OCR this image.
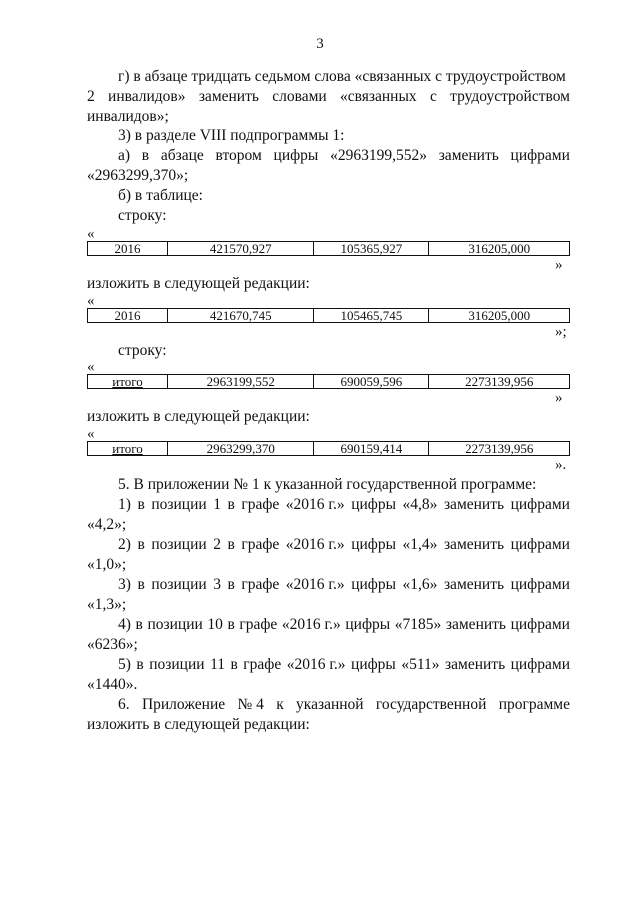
3
г) в абзаце тридцать седьмом слова «связанных с трудоустройством
2 инвалидов» заменить словами «связанных с трудоустройством
инвалидов»;
3) в разделе VIII подпрограммы 1:
а) в абзаце втором цифры «2963199,552» заменить цифрами
«2963299,370»;
б) в таблице:
строку:
«
2016	421570,927	105365,927	316205,000
»
изложить в следующей редакции:
«
2016	421670,745	105465,745	316205,000
»;
строку:
«
итого	2963199,552	690059,596	2273139,956
»
изложить в следующей редакции:
«
итого	2963299,370	690159,414	2273139,956
».
5. В приложении № 1 к указанной государственной программе:
1) в позиции 1 в графе «2016 г.» цифры «4,8» заменить цифрами
«4,2»;
2) в позиции 2 в графе «2016 г.» цифры «1,4» заменить цифрами
«1,0»;
3) в позиции 3 в графе «2016 г.» цифры «1,6» заменить цифрами
«1,3»;
4) в позиции 10 в графе «2016 г.» цифры «7185» заменить цифрами
«6236»;
5) в позиции 11 в графе «2016 г.» цифры «511» заменить цифрами
«1440».
6. Приложение № 4 к указанной государственной программе
изложить в следующей редакции:
